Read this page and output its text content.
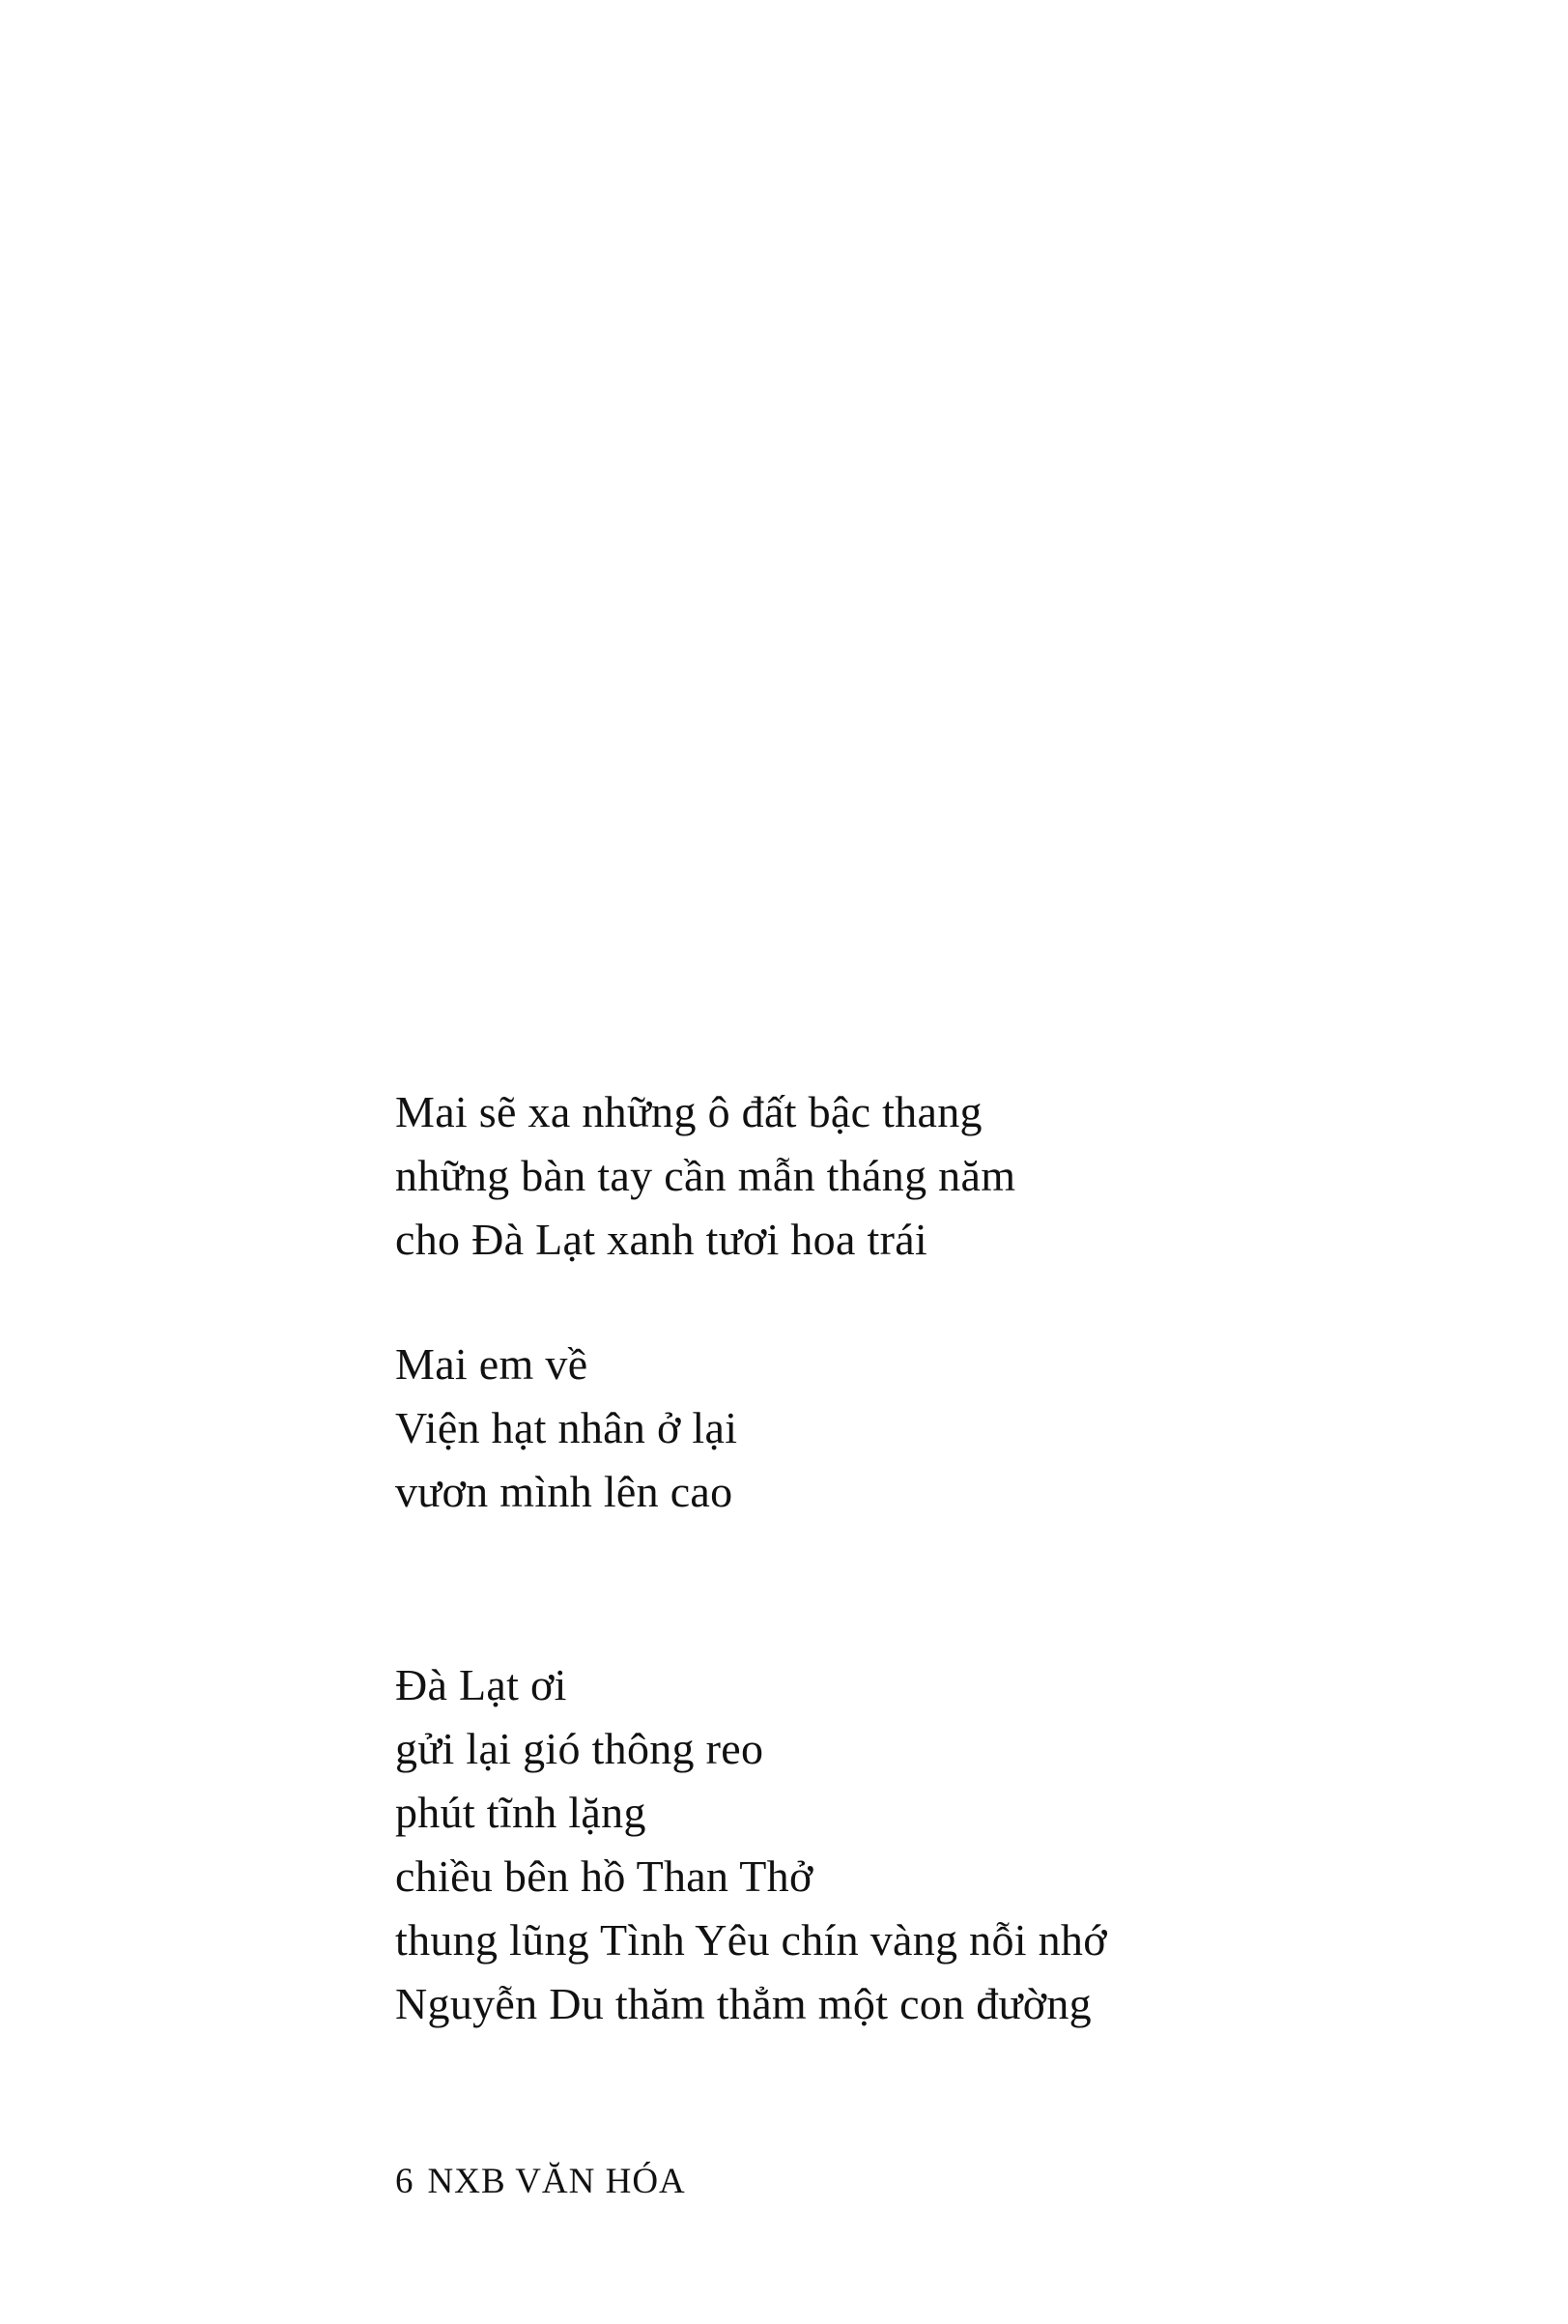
Mai sẽ xa những ô đất bậc thang
những bàn tay cần mẫn tháng năm
cho Đà Lạt xanh tươi hoa trái
Mai em về
Viện hạt nhân ở lại
vươn mình lên cao
Đà Lạt ơi
gửi lại gió thông reo
phút tĩnh lặng
chiều bên hồ Than Thở
thung lũng Tình Yêu chín vàng nỗi nhớ
Nguyễn Du thăm thẳm một con đường
6 NXB VĂN HÓA
